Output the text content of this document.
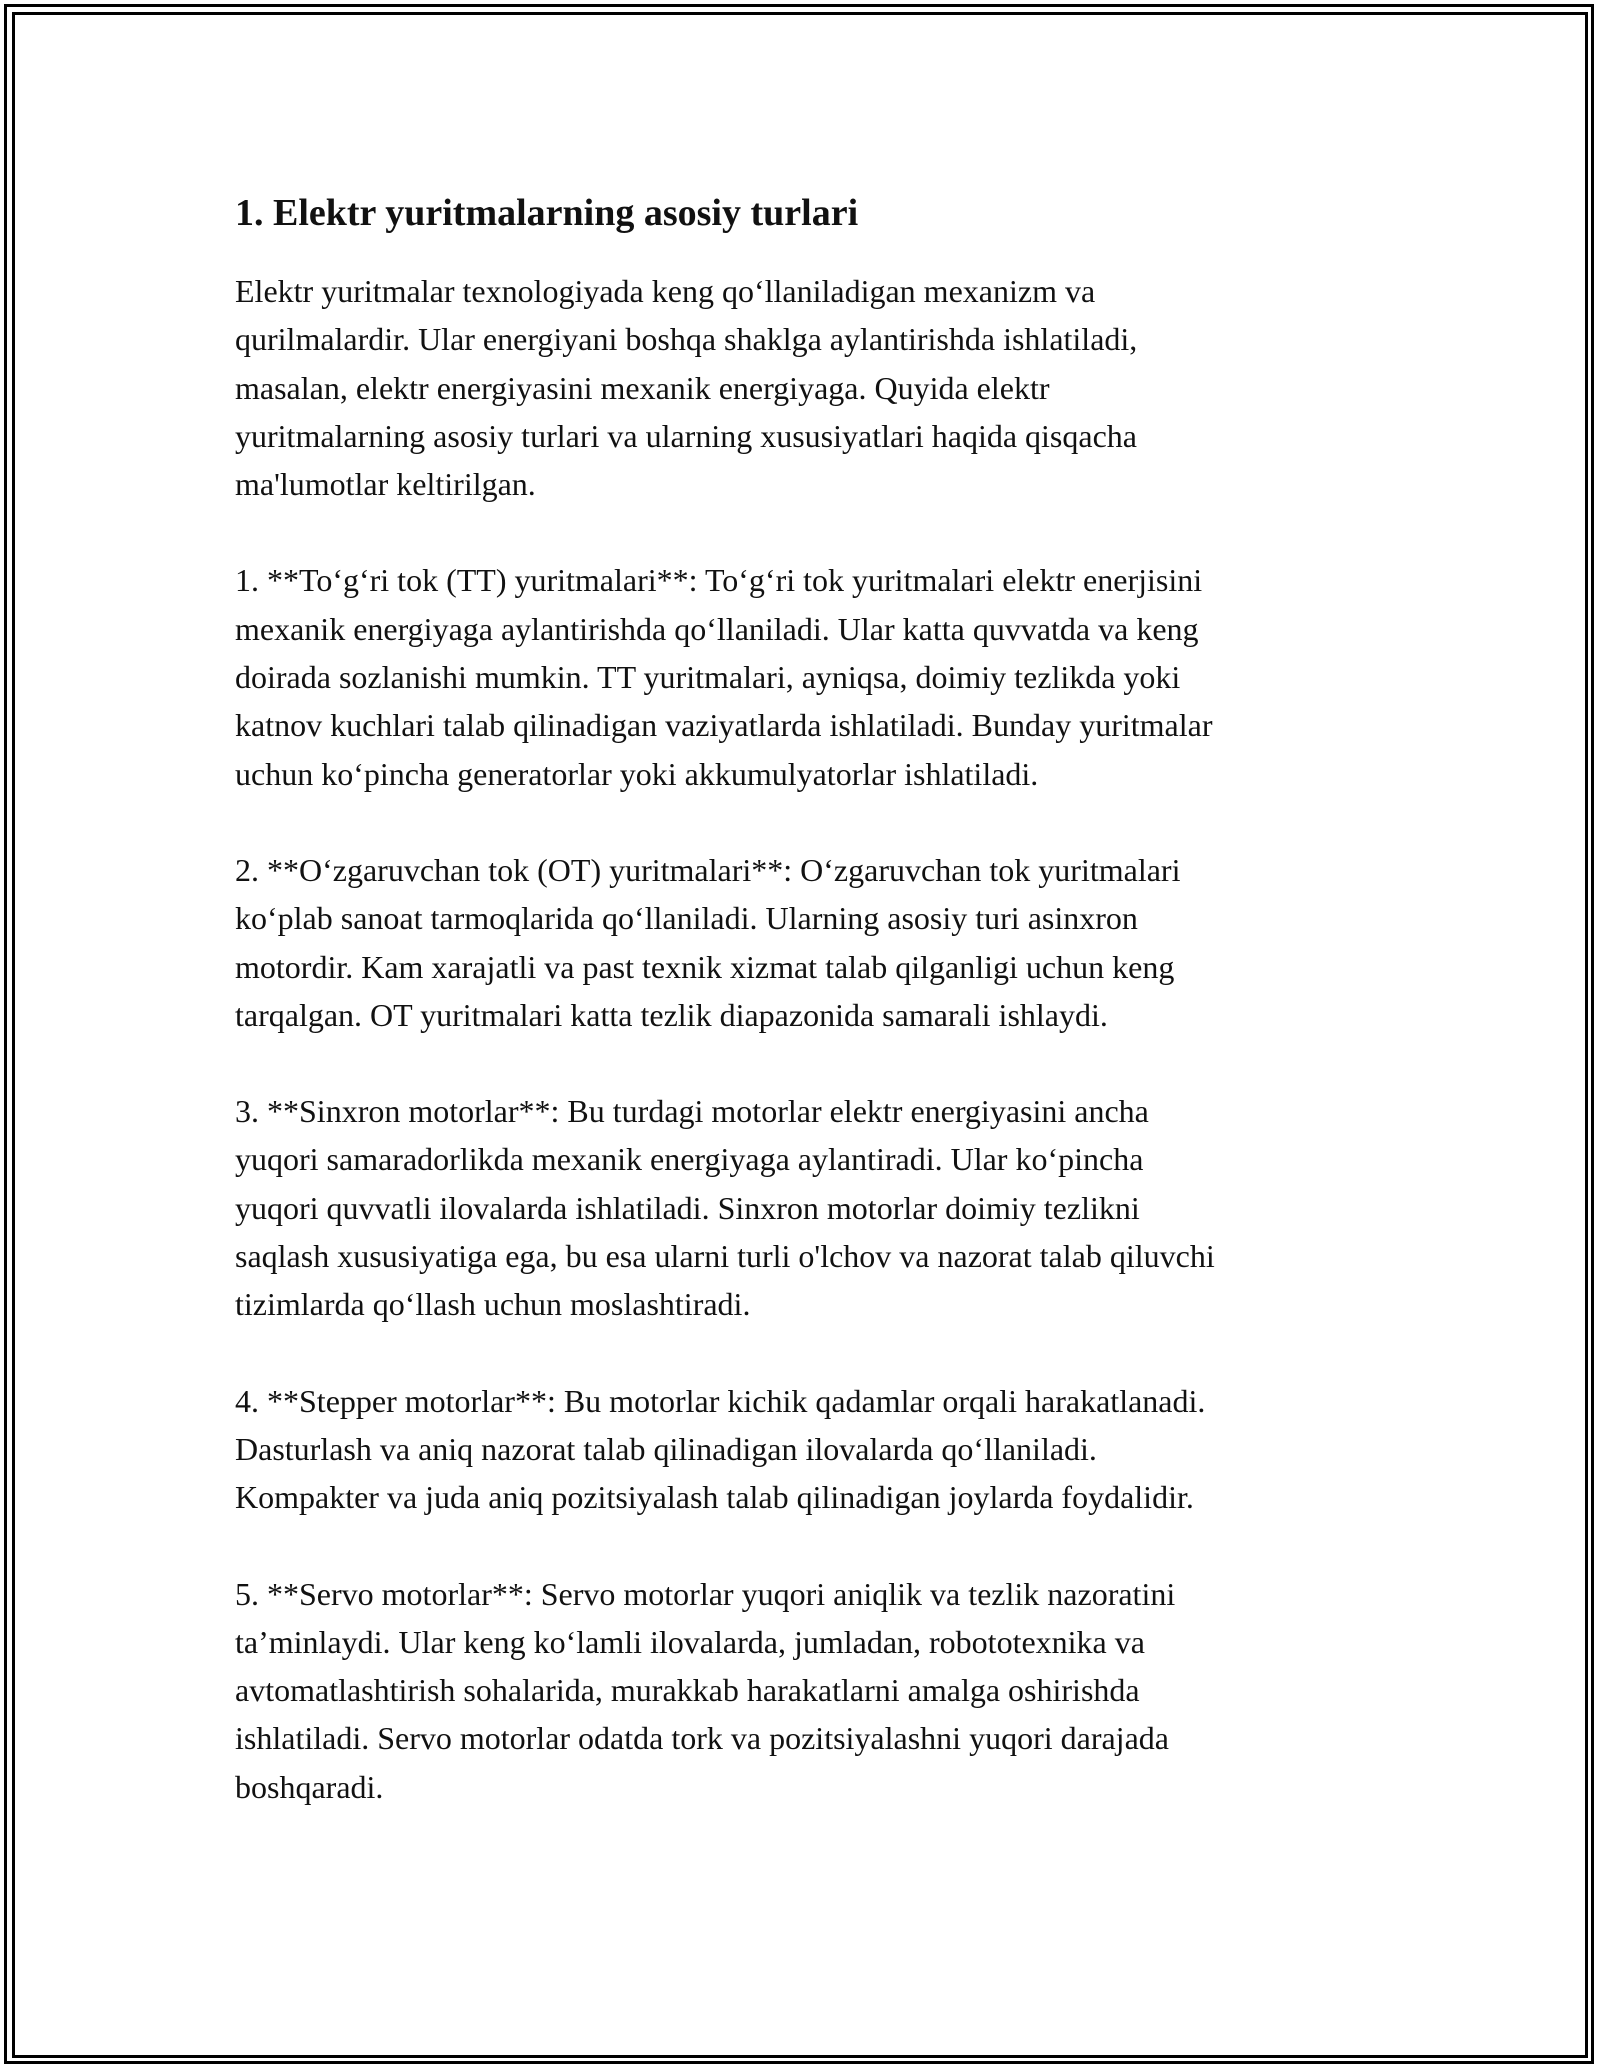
1. Elektr yuritmalarning asosiy turlari

Elektr yuritmalar texnologiyada keng qo‘llaniladigan mexanizm va
qurilmalardir. Ular energiyani boshqa shaklga aylantirishda ishlatiladi,
masalan, elektr energiyasini mexanik energiyaga. Quyida elektr
yuritmalarning asosiy turlari va ularning xususiyatlari haqida qisqacha
ma'lumotlar keltirilgan.

1. **To‘g‘ri tok (TT) yuritmalari**: To‘g‘ri tok yuritmalari elektr enerjisini
mexanik energiyaga aylantirishda qo‘llaniladi. Ular katta quvvatda va keng
doirada sozlanishi mumkin. TT yuritmalari, ayniqsa, doimiy tezlikda yoki
katnov kuchlari talab qilinadigan vaziyatlarda ishlatiladi. Bunday yuritmalar
uchun ko‘pincha generatorlar yoki akkumulyatorlar ishlatiladi.

2. **O‘zgaruvchan tok (OT) yuritmalari**: O‘zgaruvchan tok yuritmalari
ko‘plab sanoat tarmoqlarida qo‘llaniladi. Ularning asosiy turi asinxron
motordir. Kam xarajatli va past texnik xizmat talab qilganligi uchun keng
tarqalgan. OT yuritmalari katta tezlik diapazonida samarali ishlaydi.

3. **Sinxron motorlar**: Bu turdagi motorlar elektr energiyasini ancha
yuqori samaradorlikda mexanik energiyaga aylantiradi. Ular ko‘pincha
yuqori quvvatli ilovalarda ishlatiladi. Sinxron motorlar doimiy tezlikni
saqlash xususiyatiga ega, bu esa ularni turli o'lchov va nazorat talab qiluvchi
tizimlarda qo‘llash uchun moslashtiradi.

4. **Stepper motorlar**: Bu motorlar kichik qadamlar orqali harakatlanadi.
Dasturlash va aniq nazorat talab qilinadigan ilovalarda qo‘llaniladi.
Kompakter va juda aniq pozitsiyalash talab qilinadigan joylarda foydalidir.

5. **Servo motorlar**: Servo motorlar yuqori aniqlik va tezlik nazoratini
ta’minlaydi. Ular keng ko‘lamli ilovalarda, jumladan, robototexnika va
avtomatlashtirish sohalarida, murakkab harakatlarni amalga oshirishda
ishlatiladi. Servo motorlar odatda tork va pozitsiyalashni yuqori darajada
boshqaradi.
